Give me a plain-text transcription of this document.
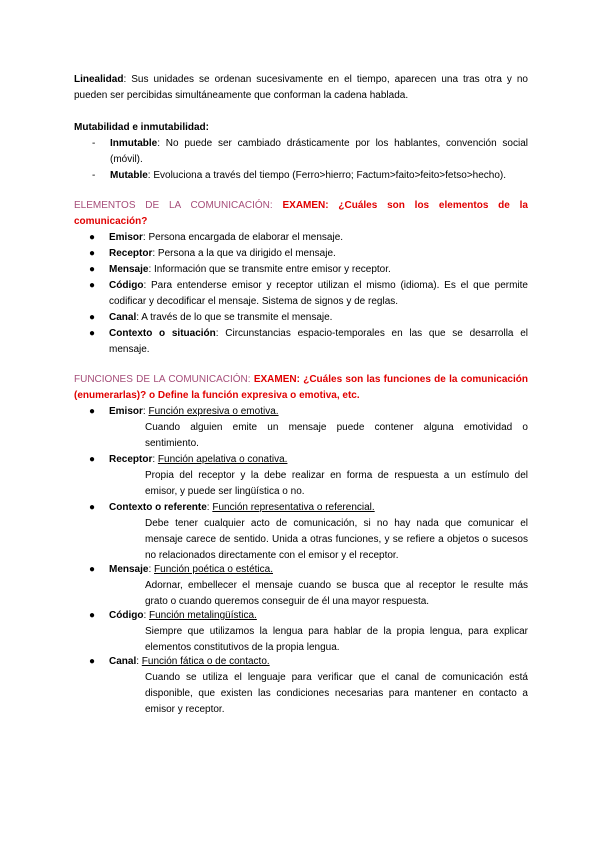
Linealidad: Sus unidades se ordenan sucesivamente en el tiempo, aparecen una tras otra y no
pueden ser percibidas simultáneamente que conforman la cadena hablada.
Mutabilidad e inmutabilidad:
- Inmutable: No puede ser cambiado drásticamente por los hablantes, convención social
(móvil).
- Mutable: Evoluciona a través del tiempo (Ferro>hierro; Factum>faito>feito>fetso>hecho).
ELEMENTOS DE LA COMUNICACIÓN: EXAMEN: ¿Cuáles son los elementos de la
comunicación?
● Emisor: Persona encargada de elaborar el mensaje.
● Receptor: Persona a la que va dirigido el mensaje.
● Mensaje: Información que se transmite entre emisor y receptor.
● Código: Para entenderse emisor y receptor utilizan el mismo (idioma). Es el que permite
codificar y decodificar el mensaje. Sistema de signos y de reglas.
● Canal: A través de lo que se transmite el mensaje.
● Contexto o situación: Circunstancias espacio-temporales en las que se desarrolla el
mensaje.
FUNCIONES DE LA COMUNICACIÓN: EXAMEN: ¿Cuáles son las funciones de la comunicación
(enumerarlas)? o Define la función expresiva o emotiva, etc.
● Emisor: Función expresiva o emotiva.
Cuando alguien emite un mensaje puede contener alguna emotividad o
sentimiento.
● Receptor: Función apelativa o conativa.
Propia del receptor y la debe realizar en forma de respuesta a un estímulo del
emisor, y puede ser lingüística o no.
● Contexto o referente: Función representativa o referencial.
Debe tener cualquier acto de comunicación, si no hay nada que comunicar el
mensaje carece de sentido. Unida a otras funciones, y se refiere a objetos o sucesos
no relacionados directamente con el emisor y el receptor.
● Mensaje: Función poética o estética.
Adornar, embellecer el mensaje cuando se busca que al receptor le resulte más
grato o cuando queremos conseguir de él una mayor respuesta.
● Código: Función metalingüística.
Siempre que utilizamos la lengua para hablar de la propia lengua, para explicar
elementos constitutivos de la propia lengua.
● Canal: Función fática o de contacto.
Cuando se utiliza el lenguaje para verificar que el canal de comunicación está
disponible, que existen las condiciones necesarias para mantener en contacto a
emisor y receptor.
